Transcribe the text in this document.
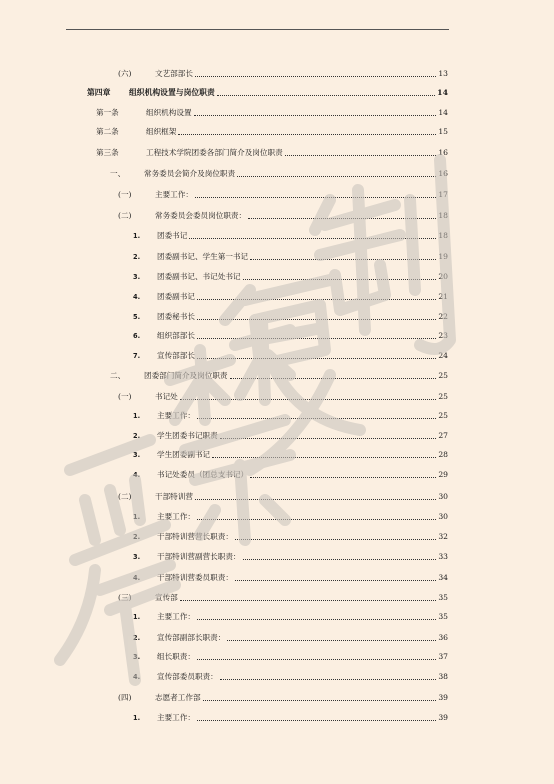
(六)	文艺部部长	13
第四章	组织机构设置与岗位职责	14
第一条	组织机构设置	14
第二条	组织框架	15
第三条	工程技术学院团委各部门简介及岗位职责	16
一、	常务委员会简介及岗位职责	16
(一)	主要工作：	17
(二)	常务委员会委员岗位职责：	18
1.	团委书记	18
2.	团委副书记、学生第一书记	19
3.	团委副书记、书记处书记	20
4.	团委副书记	21
5.	团委秘书长	22
6.	组织部部长	23
7.	宣传部部长	24
二、	团委部门简介及岗位职责	25
(一)	书记处	25
1.	主要工作：	25
2.	学生团委书记职责	27
3.	学生团委副书记	28
4.	书记处委员（团总支书记）	29
(二)	干部特训营	30
1.	主要工作：	30
2.	干部特训营营长职责：	32
3.	干部特训营副营长职责：	33
4.	干部特训营委员职责：	34
(三)	宣传部	35
1.	主要工作：	35
2.	宣传部副部长职责：	36
3.	组长职责：	37
4.	宣传部委员职责：	38
(四)	志愿者工作部	39
1.	主要工作：	39
